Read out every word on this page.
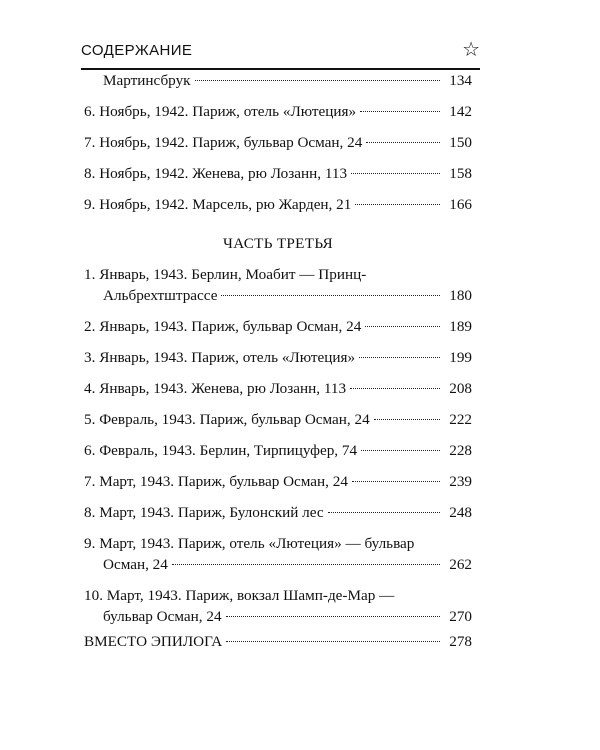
СОДЕРЖАНИЕ	☆
Мартинсбрук	134
6. Ноябрь, 1942. Париж, отель «Лютеция»	142
7. Ноябрь, 1942. Париж, бульвар Осман, 24	150
8. Ноябрь, 1942. Женева, рю Лозанн, 113	158
9. Ноябрь, 1942. Марсель, рю Жарден, 21	166
ЧАСТЬ ТРЕТЬЯ
1. Январь, 1943. Берлин, Моабит — Принц-
Альбрехтштрассе	180
2. Январь, 1943. Париж, бульвар Осман, 24	189
3. Январь, 1943. Париж, отель «Лютеция»	199
4. Январь, 1943. Женева, рю Лозанн, 113	208
5. Февраль, 1943. Париж, бульвар Осман, 24	222
6. Февраль, 1943. Берлин, Тирпицуфер, 74	228
7. Март, 1943. Париж, бульвар Осман, 24	239
8. Март, 1943. Париж, Булонский лес	248
9. Март, 1943. Париж, отель «Лютеция» — бульвар
Осман, 24	262
10. Март, 1943. Париж, вокзал Шамп-де-Мар —
бульвар Осман, 24	270
ВМЕСТО ЭПИЛОГА	278
